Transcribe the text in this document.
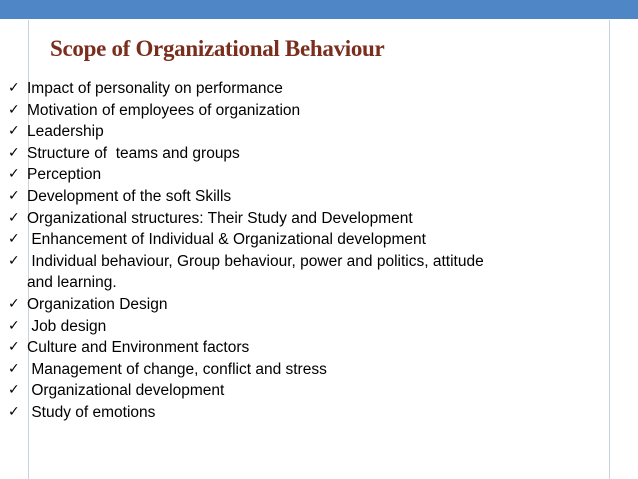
Scope of Organizational Behaviour
✓ Impact of personality on performance
✓ Motivation of employees of organization
✓ Leadership
✓ Structure of  teams and groups
✓ Perception
✓ Development of the soft Skills
✓ Organizational structures: Their Study and Development
✓ Enhancement of Individual & Organizational development
✓ Individual behaviour, Group behaviour, power and politics, attitude and learning.
✓ Organization Design
✓ Job design
✓ Culture and Environment factors
✓ Management of change, conflict and stress
✓ Organizational development
✓ Study of emotions
